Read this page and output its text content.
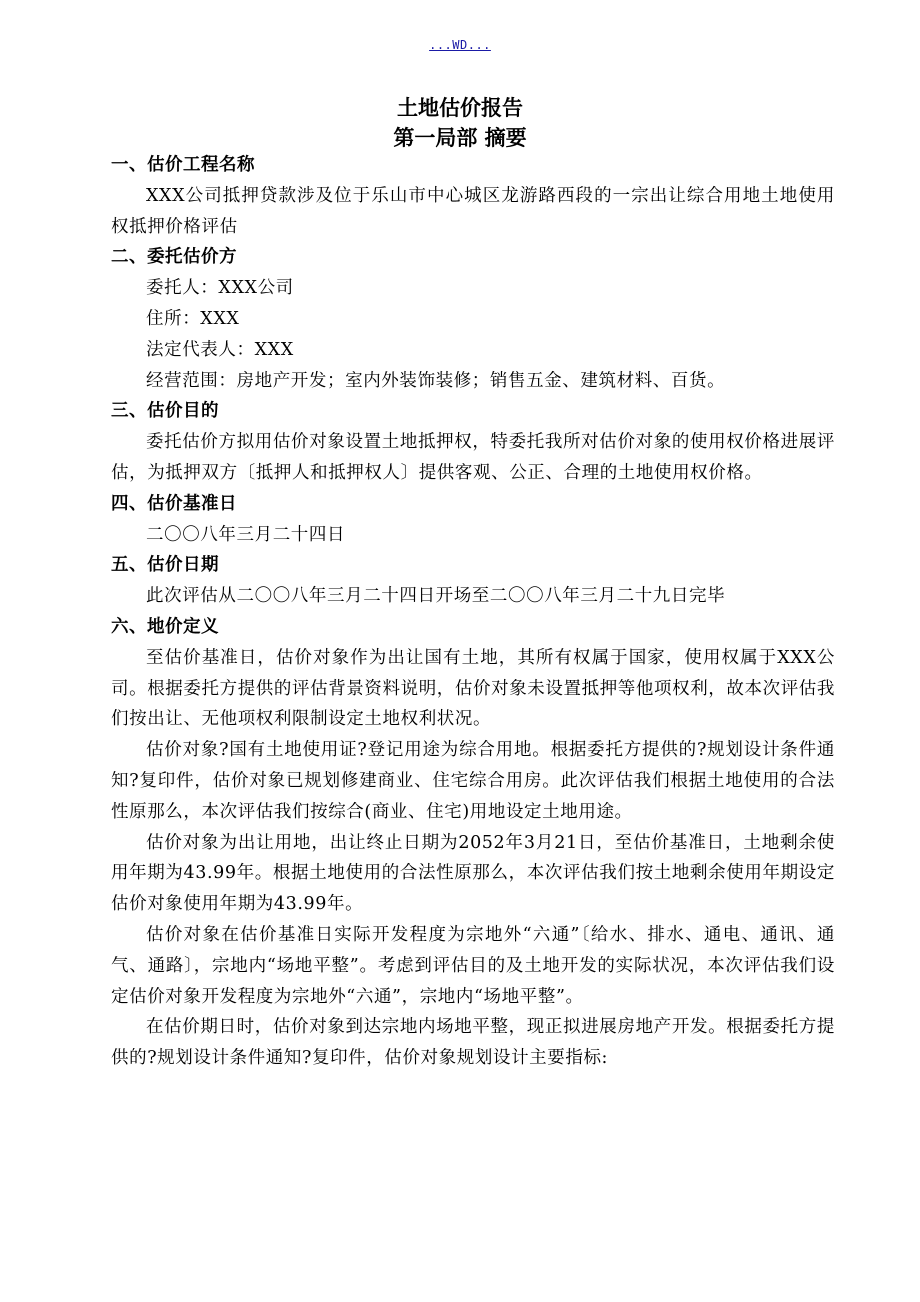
...WD...
土地估价报告
第一局部 摘要
一、估价工程名称

XXX公司抵押贷款涉及位于乐山市中心城区龙游路西段的一宗出让综合用地土地使用权抵押价格评估

二、委托估价方

委托人：XXX公司

住所：XXX

法定代表人：XXX

经营范围：房地产开发；室内外装饰装修；销售五金、建筑材料、百货。

三、估价目的

委托估价方拟用估价对象设置土地抵押权，特委托我所对估价对象的使用权价格进展评估，为抵押双方〔抵押人和抵押权人〕提供客观、公正、合理的土地使用权价格。

四、估价基准日

二〇〇八年三月二十四日

五、估价日期

此次评估从二〇〇八年三月二十四日开场至二〇〇八年三月二十九日完毕

六、地价定义

至估价基准日，估价对象作为出让国有土地，其所有权属于国家，使用权属于XXX公司。根据委托方提供的评估背景资料说明，估价对象未设置抵押等他项权利，故本次评估我们按出让、无他项权利限制设定土地权利状况。

估价对象?国有土地使用证?登记用途为综合用地。根据委托方提供的?规划设计条件通知?复印件，估价对象已规划修建商业、住宅综合用房。此次评估我们根据土地使用的合法性原那么，本次评估我们按综合(商业、住宅)用地设定土地用途。

估价对象为出让用地，出让终止日期为2052年3月21日，至估价基准日，土地剩余使用年期为43.99年。根据土地使用的合法性原那么，本次评估我们按土地剩余使用年期设定估价对象使用年期为43.99年。

估价对象在估价基准日实际开发程度为宗地外“六通”〔给水、排水、通电、通讯、通气、通路〕，宗地内“场地平整”。考虑到评估目的及土地开发的实际状况，本次评估我们设定估价对象开发程度为宗地外“六通”，宗地内“场地平整”。

在估价期日时，估价对象到达宗地内场地平整，现正拟进展房地产开发。根据委托方提供的?规划设计条件通知?复印件，估价对象规划设计主要指标:
